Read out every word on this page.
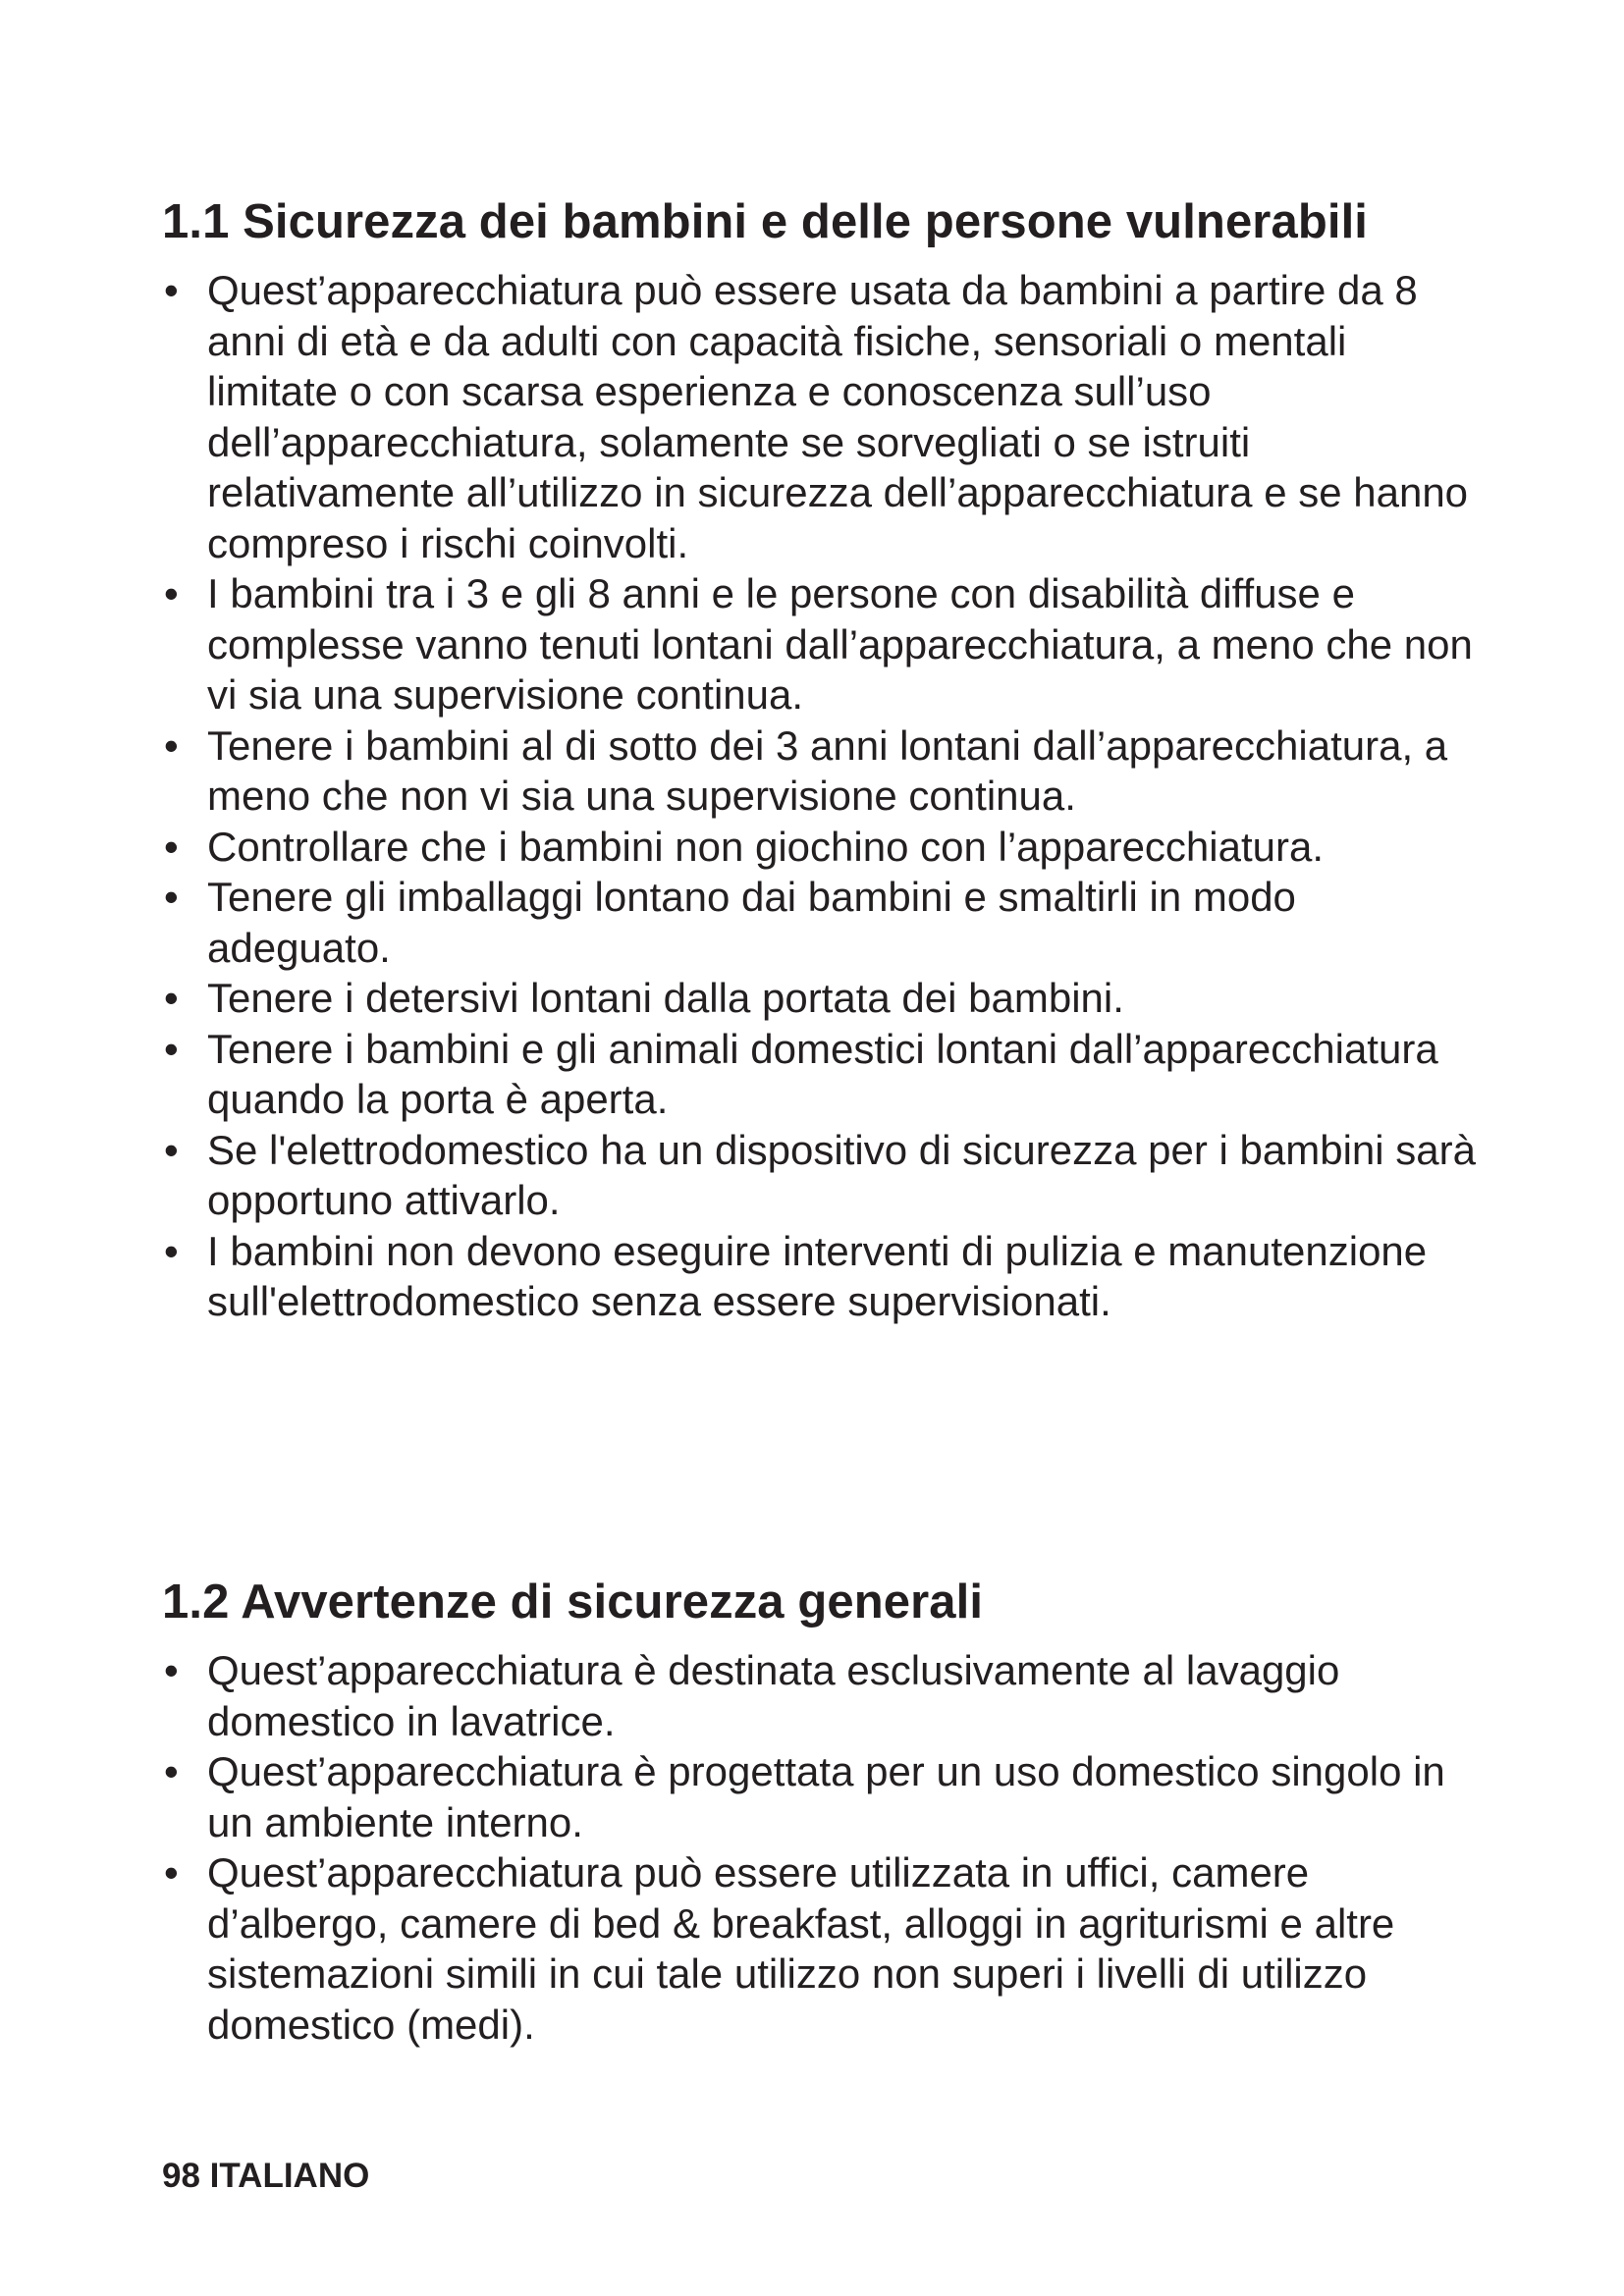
1.1 Sicurezza dei bambini e delle persone vulnerabili
• Quest’apparecchiatura può essere usata da bambini a partire da 8 anni di età e da adulti con capacità fisiche, sensoriali o mentali limitate o con scarsa esperienza e conoscenza sull’uso dell’apparecchiatura, solamente se sorvegliati o se istruiti relativamente all’utilizzo in sicurezza dell’apparecchiatura e se hanno compreso i rischi coinvolti.
• I bambini tra i 3 e gli 8 anni e le persone con disabilità diffuse e complesse vanno tenuti lontani dall’apparecchiatura, a meno che non vi sia una supervisione continua.
• Tenere i bambini al di sotto dei 3 anni lontani dall’apparecchiatura, a meno che non vi sia una supervisione continua.
• Controllare che i bambini non giochino con l’apparecchiatura.
• Tenere gli imballaggi lontano dai bambini e smaltirli in modo adeguato.
• Tenere i detersivi lontani dalla portata dei bambini.
• Tenere i bambini e gli animali domestici lontani dall’apparecchiatura quando la porta è aperta.
• Se l'elettrodomestico ha un dispositivo di sicurezza per i bambini sarà opportuno attivarlo.
• I bambini non devono eseguire interventi di pulizia e manutenzione sull'elettrodomestico senza essere supervisionati.
1.2 Avvertenze di sicurezza generali
• Quest’apparecchiatura è destinata esclusivamente al lavaggio domestico in lavatrice.
• Quest’apparecchiatura è progettata per un uso domestico singolo in un ambiente interno.
• Quest’apparecchiatura può essere utilizzata in uffici, camere d’albergo, camere di bed & breakfast, alloggi in agriturismi e altre sistemazioni simili in cui tale utilizzo non superi i livelli di utilizzo domestico (medi).
98 ITALIANO
